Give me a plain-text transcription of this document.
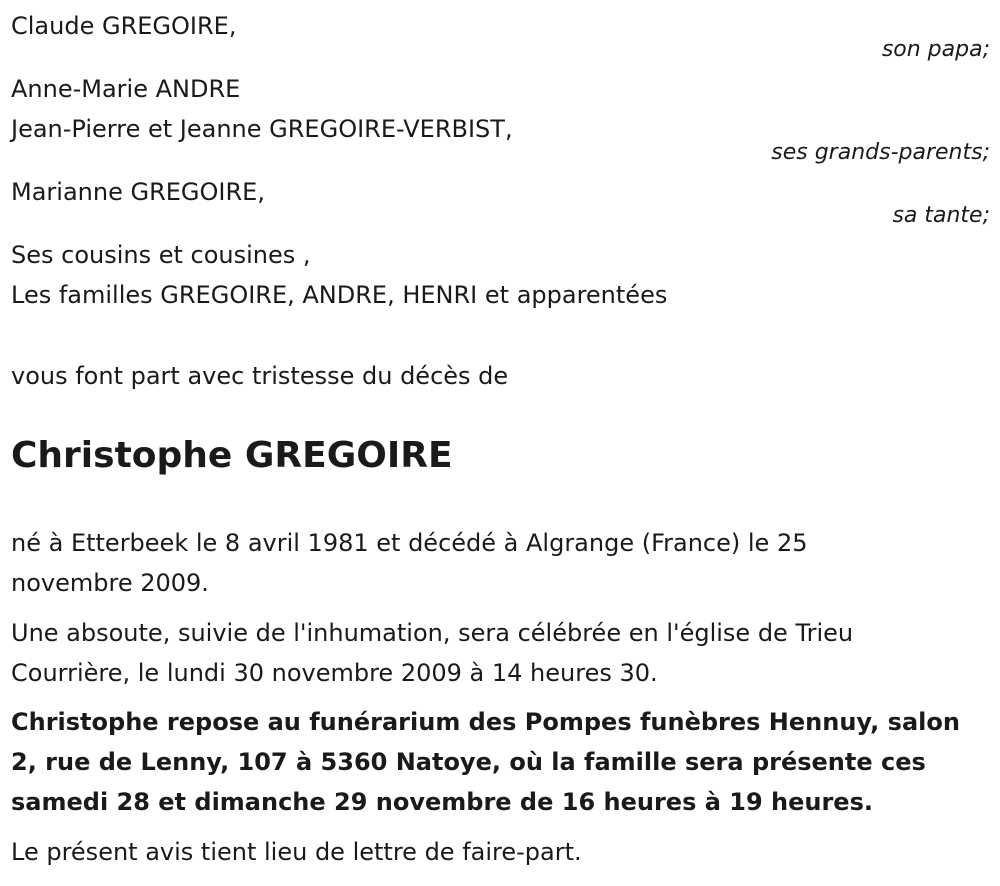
Claude GREGOIRE,
son papa;
Anne-Marie ANDRE
Jean-Pierre et Jeanne GREGOIRE-VERBIST,
ses grands-parents;
Marianne GREGOIRE,
sa tante;
Ses cousins et cousines ,
Les familles GREGOIRE, ANDRE, HENRI et apparentées
vous font part avec tristesse du décès de
Christophe GREGOIRE
né à Etterbeek le 8 avril 1981 et décédé à Algrange (France) le 25 novembre 2009.
Une absoute, suivie de l'inhumation, sera célébrée en l'église de Trieu Courrière, le lundi 30 novembre 2009 à 14 heures 30.
Christophe repose au funérarium des Pompes funèbres Hennuy, salon 2, rue de Lenny, 107 à 5360 Natoye, où la famille sera présente ces samedi 28 et dimanche 29 novembre de 16 heures à 19 heures.
Le présent avis tient lieu de lettre de faire-part.
